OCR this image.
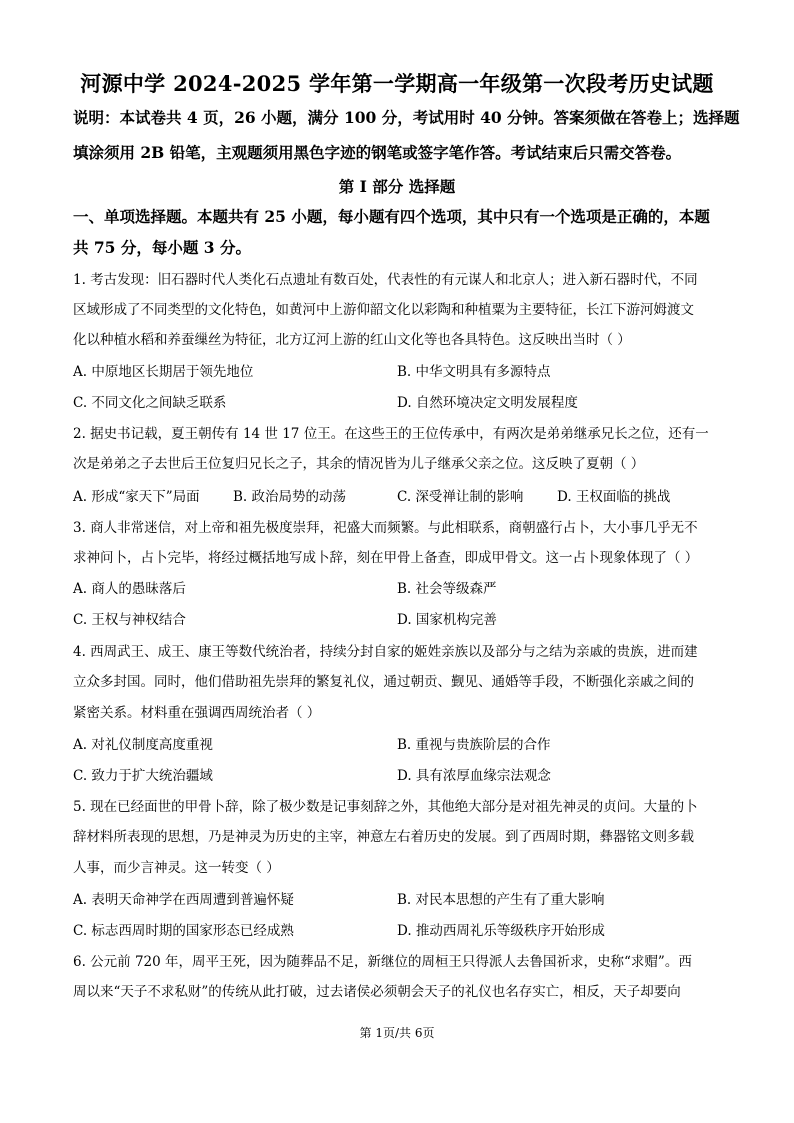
河源中学 2024-2025 学年第一学期高一年级第一次段考历史试题
说明：本试卷共 4 页，26 小题，满分 100 分，考试用时 40 分钟。答案须做在答卷上；选择题
填涂须用 2B 铅笔，主观题须用黑色字迹的钢笔或签字笔作答。考试结束后只需交答卷。
第 I 部分 选择题
一、单项选择题。本题共有 25 小题，每小题有四个选项，其中只有一个选项是正确的，本题
共 75 分，每小题 3 分。
1. 考古发现：旧石器时代人类化石点遗址有数百处，代表性的有元谋人和北京人；进入新石器时代，不同
区域形成了不同类型的文化特色，如黄河中上游仰韶文化以彩陶和种植粟为主要特征，长江下游河姆渡文
化以种植水稻和养蚕缫丝为特征，北方辽河上游的红山文化等也各具特色。这反映出当时（ ）
A. 中原地区长期居于领先地位	B. 中华文明具有多源特点
C. 不同文化之间缺乏联系	D. 自然环境决定文明发展程度
2. 据史书记载，夏王朝传有 14 世 17 位王。在这些王的王位传承中，有两次是弟弟继承兄长之位，还有一
次是弟弟之子去世后王位复归兄长之子，其余的情况皆为儿子继承父亲之位。这反映了夏朝（ ）
A. 形成“家天下”局面 B. 政治局势的动荡	C. 深受禅让制的影响 D. 王权面临的挑战
3. 商人非常迷信，对上帝和祖先极度崇拜，祀盛大而频繁。与此相联系，商朝盛行占卜，大小事几乎无不
求神问卜，占卜完毕，将经过概括地写成卜辞，刻在甲骨上备查，即成甲骨文。这一占卜现象体现了（ ）
A. 商人的愚昧落后	B. 社会等级森严
C. 王权与神权结合	D. 国家机构完善
4. 西周武王、成王、康王等数代统治者，持续分封自家的姬姓亲族以及部分与之结为亲戚的贵族，进而建
立众多封国。同时，他们借助祖先崇拜的繁复礼仪，通过朝贡、觐见、通婚等手段，不断强化亲戚之间的
紧密关系。材料重在强调西周统治者（ ）
A. 对礼仪制度高度重视	B. 重视与贵族阶层的合作
C. 致力于扩大统治疆域	D. 具有浓厚血缘宗法观念
5. 现在已经面世的甲骨卜辞，除了极少数是记事刻辞之外，其他绝大部分是对祖先神灵的贞问。大量的卜
辞材料所表现的思想，乃是神灵为历史的主宰，神意左右着历史的发展。到了西周时期，彝器铭文则多载
人事，而少言神灵。这一转变（ ）
A. 表明天命神学在西周遭到普遍怀疑	B. 对民本思想的产生有了重大影响
C. 标志西周时期的国家形态已经成熟	D. 推动西周礼乐等级秩序开始形成
6. 公元前 720 年，周平王死，因为随葬品不足，新继位的周桓王只得派人去鲁国祈求，史称“求赗”。西
周以来“天子不求私财”的传统从此打破，过去诸侯必须朝会天子的礼仪也名存实亡，相反，天子却要向
第 1页/共 6页
